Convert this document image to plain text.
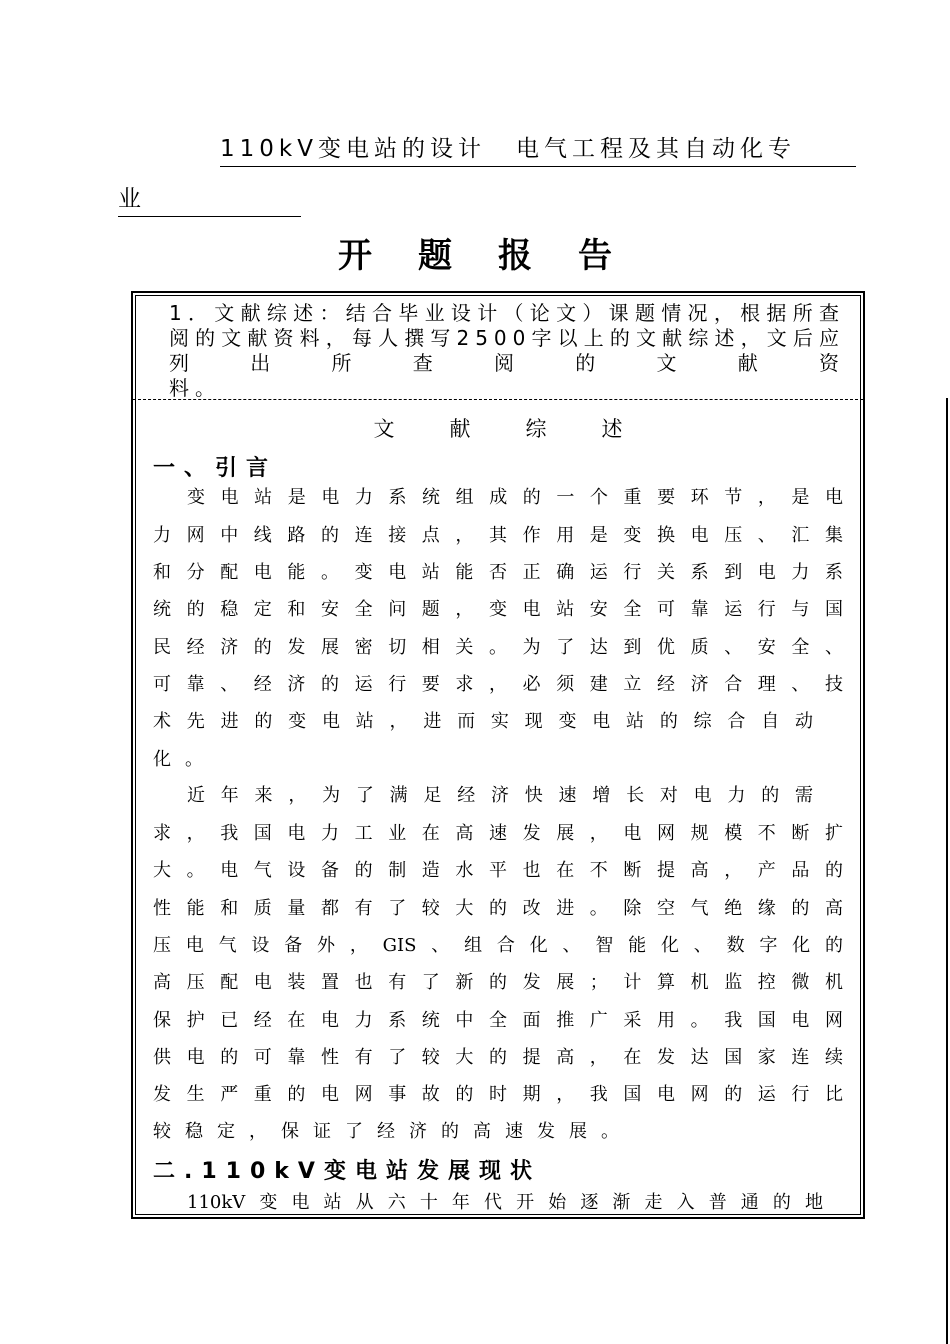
110kV变电站的设计 电气工程及其自动化专
业
开题报告
1．文献综述：结合毕业设计（论文）课题情况，根据所查阅的文献资料，每人撰写2500字以上的文献综述，文后应列出所查阅的文献资
料。
文献综述
一、引言
变电站是电力系统组成的一个重要环节，是电
力网中线路的连接点，其作用是变换电压、汇集
和分配电能。变电站能否正确运行关系到电力系
统的稳定和安全问题，变电站安全可靠运行与国
民经济的发展密切相关。为了达到优质、安全、
可靠、经济的运行要求，必须建立经济合理、技
术先进的变电站，进而实现变电站的综合自动
化。
近年来，为了满足经济快速增长对电力的需
求，我国电力工业在高速发展，电网规模不断扩
大。电气设备的制造水平也在不断提高，产品的
性能和质量都有了较大的改进。除空气绝缘的高
压电气设备外，GIS、组合化、智能化、数字化的
高压配电装置也有了新的发展；计算机监控微机
保护已经在电力系统中全面推广采用。我国电网
供电的可靠性有了较大的提高，在发达国家连续
发生严重的电网事故的时期，我国电网的运行比
较稳定，保证了经济的高速发展。
二.110kV变电站发展现状
110kV变电站从六十年代开始逐渐走入普通的地
